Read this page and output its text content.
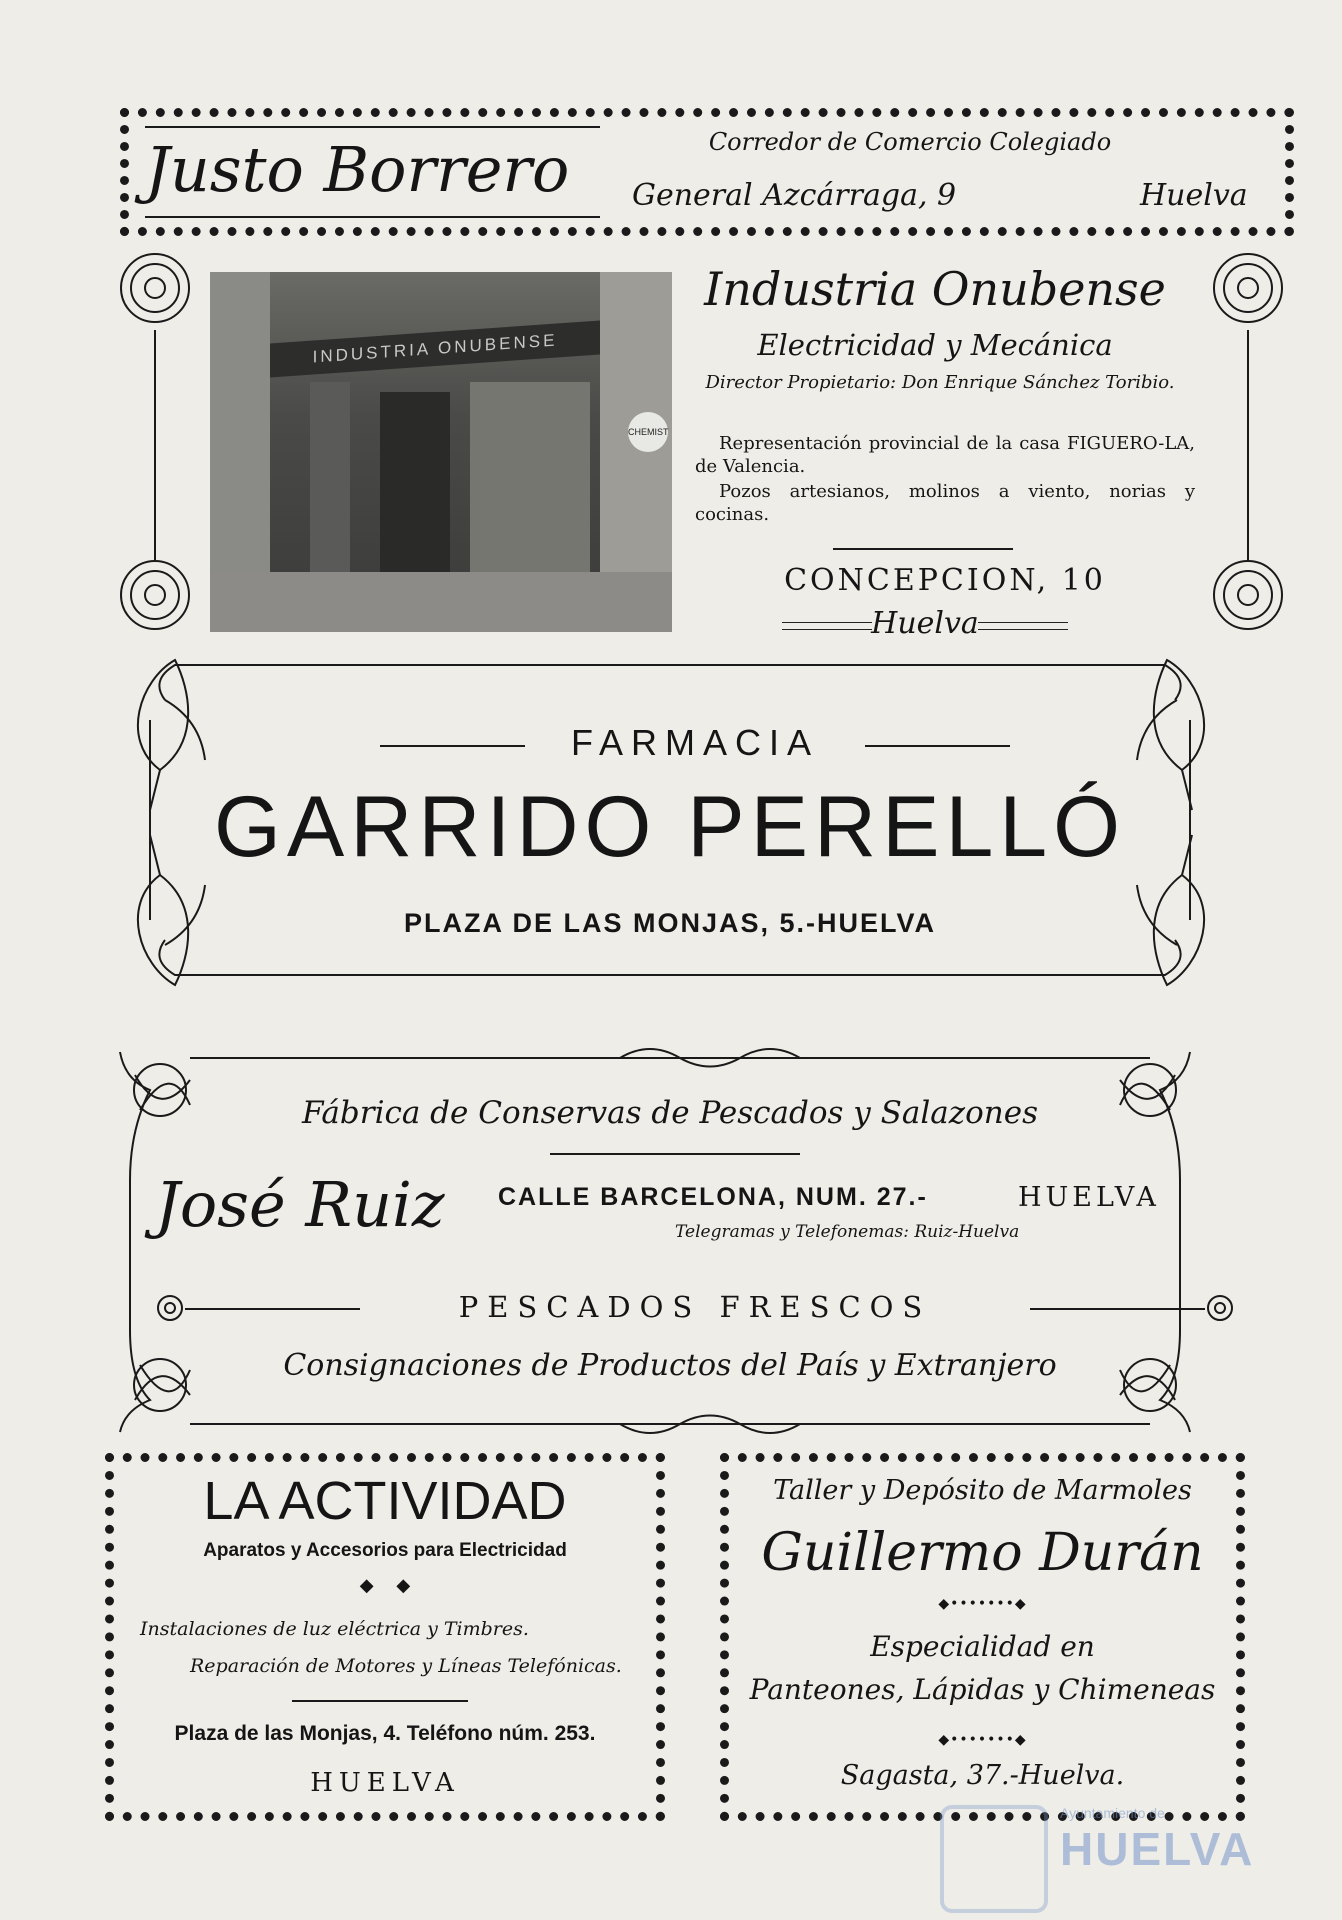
Justo Borrero	Corredor de Comercio Colegiado
General Azcárraga, 9	Huelva
INDUSTRIA ONUBENSE
CHEMIST
Industria Onubense
Electricidad y Mecánica
Director Propietario: Don Enrique Sánchez Toribio.
Representación provincial de la casa FIGUERO-LA, de Valencia.
Pozos artesianos, molinos a viento, norias y cocinas.
CONCEPCION, 10
Huelva
FARMACIA
GARRIDO PERELLÓ
PLAZA DE LAS MONJAS, 5.-HUELVA
Fábrica de Conservas de Pescados y Salazones
José Ruiz	CALLE BARCELONA, NUM. 27.-	HUELVA
Telegramas y Telefonemas: Ruiz-Huelva
PESCADOS FRESCOS
Consignaciones de Productos del País y Extranjero
LA ACTIVIDAD
Aparatos y Accesorios para Electricidad
◆    ◆
Instalaciones de luz eléctrica y Timbres.
Reparación de Motores y Líneas Telefónicas.
Plaza de las Monjas, 4. Teléfono núm. 253.
HUELVA
Taller y Depósito de Marmoles
Guillermo Durán
◆•••••••◆
Especialidad en
Panteones, Lápidas y Chimeneas
◆•••••••◆
Sagasta, 37.-Huelva.
Ayuntamiento de
HUELVA
